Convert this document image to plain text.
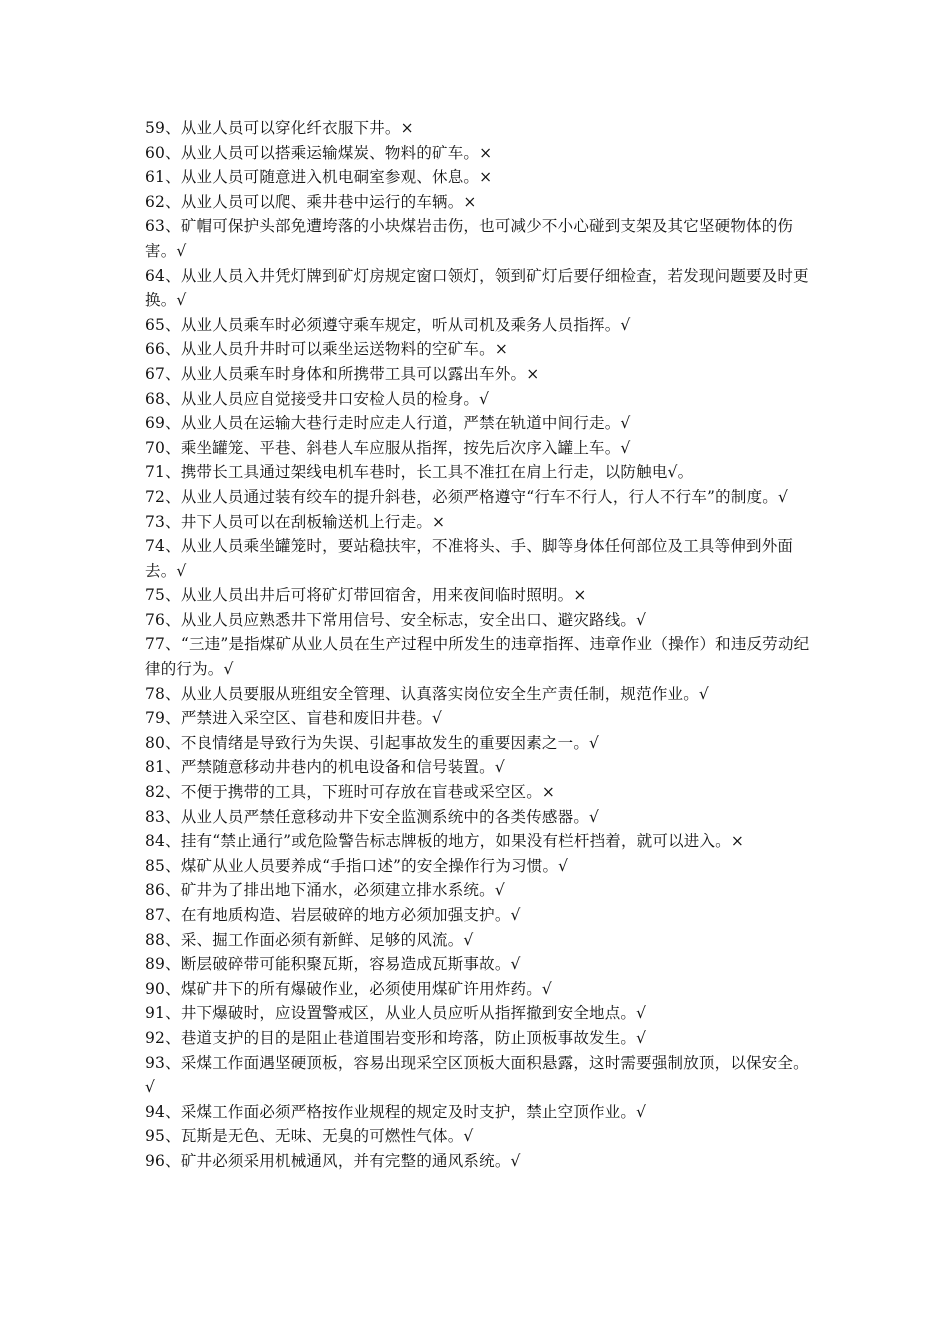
59、从业人员可以穿化纤衣服下井。×

60、从业人员可以搭乘运输煤炭、物料的矿车。×

61、从业人员可随意进入机电硐室参观、休息。×

62、从业人员可以爬、乘井巷中运行的车辆。×

63、矿帽可保护头部免遭垮落的小块煤岩击伤，也可减少不小心碰到支架及其它坚硬物体的伤害。√

64、从业人员入井凭灯牌到矿灯房规定窗口领灯，领到矿灯后要仔细检查，若发现问题要及时更换。√

65、从业人员乘车时必须遵守乘车规定，听从司机及乘务人员指挥。√

66、从业人员升井时可以乘坐运送物料的空矿车。×

67、从业人员乘车时身体和所携带工具可以露出车外。×

68、从业人员应自觉接受井口安检人员的检身。√

69、从业人员在运输大巷行走时应走人行道，严禁在轨道中间行走。√

70、乘坐罐笼、平巷、斜巷人车应服从指挥，按先后次序入罐上车。√

71、携带长工具通过架线电机车巷时，长工具不准扛在肩上行走，以防触电√。

72、从业人员通过装有绞车的提升斜巷，必须严格遵守“行车不行人，行人不行车”的制度。√

73、井下人员可以在刮板输送机上行走。×

74、从业人员乘坐罐笼时，要站稳扶牢，不准将头、手、脚等身体任何部位及工具等伸到外面去。√

75、从业人员出井后可将矿灯带回宿舍，用来夜间临时照明。×

76、从业人员应熟悉井下常用信号、安全标志，安全出口、避灾路线。√

77、“三违”是指煤矿从业人员在生产过程中所发生的违章指挥、违章作业（操作）和违反劳动纪律的行为。√

78、从业人员要服从班组安全管理、认真落实岗位安全生产责任制，规范作业。√

79、严禁进入采空区、盲巷和废旧井巷。√

80、不良情绪是导致行为失误、引起事故发生的重要因素之一。√

81、严禁随意移动井巷内的机电设备和信号装置。√

82、不便于携带的工具，下班时可存放在盲巷或采空区。×

83、从业人员严禁任意移动井下安全监测系统中的各类传感器。√

84、挂有“禁止通行”或危险警告标志牌板的地方，如果没有栏杆挡着，就可以进入。×

85、煤矿从业人员要养成“手指口述”的安全操作行为习惯。√

86、矿井为了排出地下涌水，必须建立排水系统。√

87、在有地质构造、岩层破碎的地方必须加强支护。√

88、采、掘工作面必须有新鲜、足够的风流。√

89、断层破碎带可能积聚瓦斯，容易造成瓦斯事故。√

90、煤矿井下的所有爆破作业，必须使用煤矿许用炸药。√

91、井下爆破时，应设置警戒区，从业人员应听从指挥撤到安全地点。√

92、巷道支护的目的是阻止巷道围岩变形和垮落，防止顶板事故发生。√

93、采煤工作面遇坚硬顶板，容易出现采空区顶板大面积悬露，这时需要强制放顶，以保安全。√

94、采煤工作面必须严格按作业规程的规定及时支护，禁止空顶作业。√

95、瓦斯是无色、无味、无臭的可燃性气体。√

96、矿井必须采用机械通风，并有完整的通风系统。√
